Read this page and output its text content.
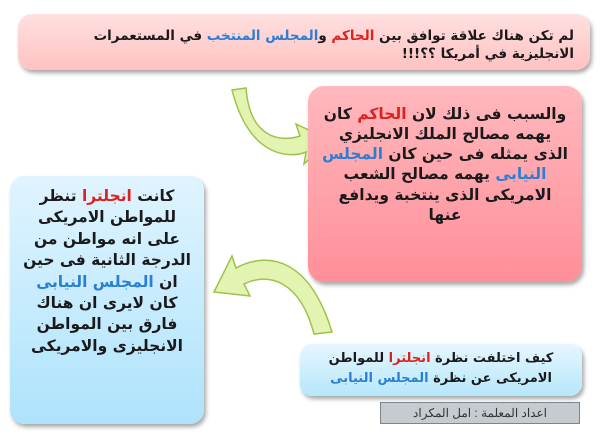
لم تكن هناك علاقة توافق بين الحاكم والمجلس المنتخب في المستعمرات الانجليزية في أمريكا ؟؟!!!
والسبب فى ذلك لان الحاكم كان يهمه مصالح الملك الانجليزي الذى يمثله فى حين كان المجلس النيابى يهمه مصالح الشعب الامريكى الذى ينتخبة ويدافع عنها
كانت انجلترا تنظر للمواطن الامريكى على انه مواطن من الدرجة الثانية فى حين ان المجلس النيابى كان لايرى ان هناك فارق بين المواطن الانجليزى والامريكى
كيف اختلفت نظرة انجلترا للمواطن الامريكى عن نظرة المجلس النيابى
اعداد المعلمة : امل المكراد
